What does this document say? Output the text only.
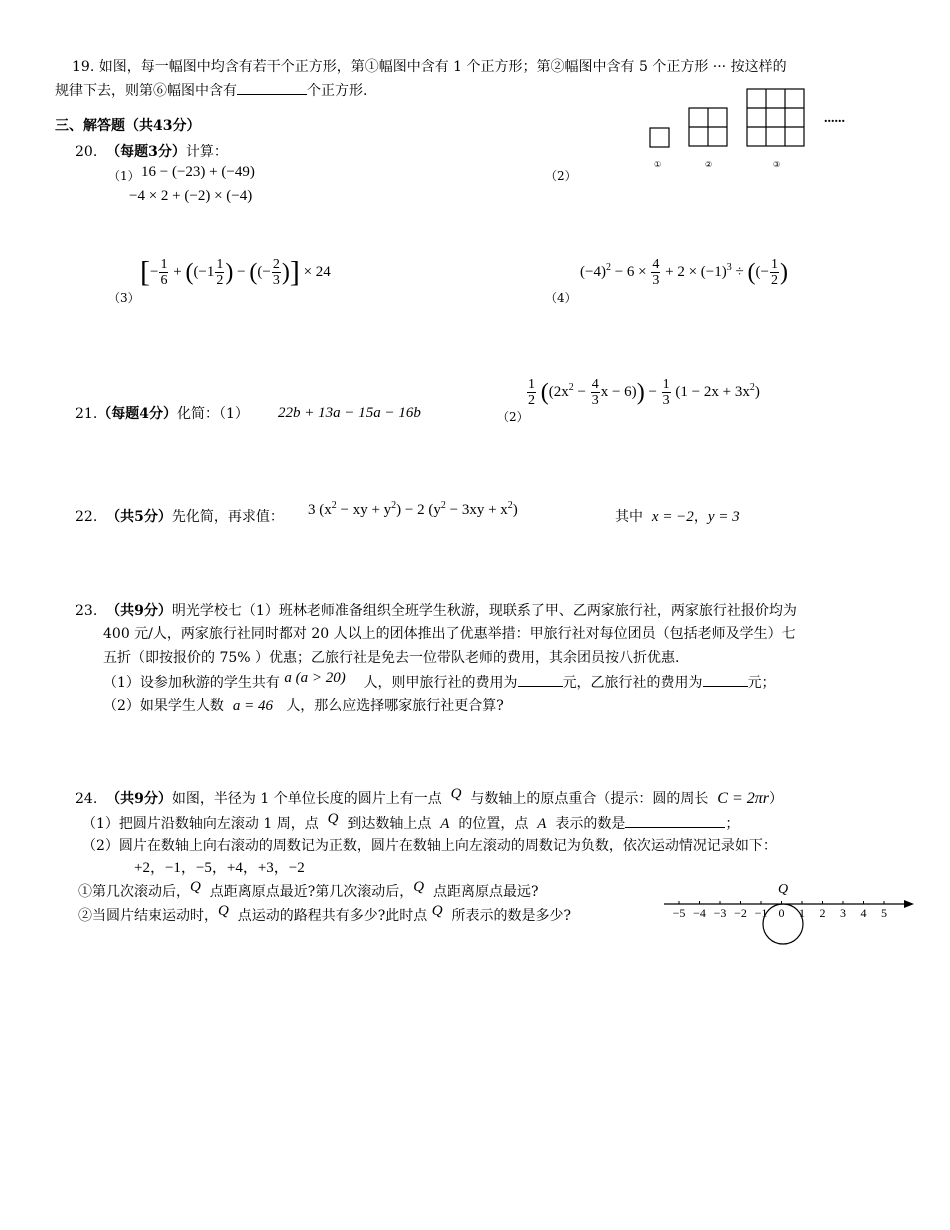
19. 如图，每一幅图中均含有若干个正方形，第①幅图中含有 1 个正方形；第②幅图中含有 5 个正方形 ··· 按这样的
规律下去，则第⑥幅图中含有	个正方形.
三、解答题（共43分）	......
①	②	③
20. （每题3分）计算：
（1） 16 − (−23) + (−49)
−4 × 2 + (−2) × (−4)
（2）
（3）
[− $\frac{1}{6} + ((-1 \frac{1}{2}$ ) − ((− $\frac{2}{3}$ )] × 24
（4）
$(-4)^2 - 6 \times \frac{4}{3} + 2 \times (-1)^3$ ÷ ((− $\frac{1}{2}$ )
21.（每题4分）化简：（1） 22b + 13a − 15a − 16b	（2）
$\frac{1}{2} ((2x^2 - \frac{4}{3}$ $x - 6)) - \frac{1}{3} (1 - 2x + 3x^2)$
22. （共5分）先化简，再求值： 3 ($x^2$ − xy + $y^2) - 2$ $(y^2 - 3xy + x^2)$	其中 x = −2，y = 3
23. （共9分）明光学校七（1）班林老师准备组织全班学生秋游，现联系了甲、乙两家旅行社，两家旅行社报价均为
400 元/人，两家旅行社同时都对 20 人以上的团体推出了优惠举措：甲旅行社对每位团员（包括老师及学生）七
五折（即按报价的 75% ）优惠；乙旅行社是免去一位带队老师的费用，其余团员按八折优惠.
（1）设参加秋游的学生共有 a (a > 20) 人，则甲旅行社的费用为	元，乙旅行社的费用为	元；
（2）如果学生人数 a = 46 人，那么应选择哪家旅行社更合算?
24. （共9分）如图，半径为 1 个单位长度的圆片上有一点 Q 与数轴上的原点重合（提示：圆的周长 C = 2πr）
（1）把圆片沿数轴向左滚动 1 周，点 Q 到达数轴上点 A 的位置，点 A 表示的数是	；
（2）圆片在数轴上向右滚动的周数记为正数，圆片在数轴上向左滚动的周数记为负数，依次运动情况记录如下：
+2，−1，−5，+4，+3，−2
①第几次滚动后，Q 点距离原点最近?第几次滚动后，Q 点距离原点最远?
②当圆片结束运动时，Q 点运动的路程共有多少?此时点 Q 所表示的数是多少?
Q
−5 −4 −3 −2 −1 0 1 2 3 4 5
